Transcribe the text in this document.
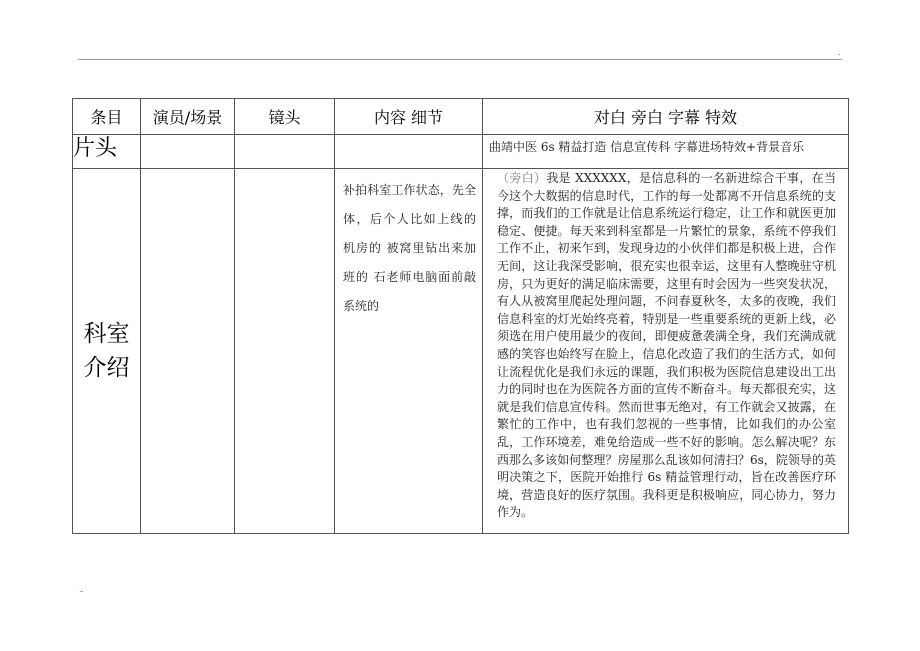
.
..
条目	演员/场景	镜头	内容 细节	对白 旁白 字幕 特效
片头				曲靖中医 6s 精益打造 信息宣传科 字幕进场特效+背景音乐
科室介绍			补拍科室工作状态，先全体，后个人比如上线的 机房的 被窝里钻出来加班的 石老师电脑面前敲系统的	（旁白）我是 XXXXXX，是信息科的一名新进综合干事，在当今这个大数据的信息时代，工作的每一处都离不开信息系统的支撑，而我们的工作就是让信息系统运行稳定，让工作和就医更加稳定、便捷。每天来到科室都是一片繁忙的景象，系统不停我们工作不止，初来乍到，发现身边的小伙伴们都是积极上进，合作无间，这让我深受影响，很充实也很幸运，这里有人整晚驻守机房，只为更好的满足临床需要，这里有时会因为一些突发状况，有人从被窝里爬起处理问题，不问春夏秋冬，太多的夜晚，我们信息科室的灯光始终亮着，特别是一些重要系统的更新上线，必须选在用户使用最少的夜间，即便疲惫袭满全身，我们充满成就感的笑容也始终写在脸上，信息化改造了我们的生活方式，如何让流程优化是我们永远的课题，我们积极为医院信息建设出工出力的同时也在为医院各方面的宣传不断奋斗。每天都很充实，这就是我们信息宣传科。然而世事无绝对，有工作就会又披露，在繁忙的工作中，也有我们忽视的一些事情，比如我们的办公室乱，工作环境差，难免给造成一些不好的影响。怎么解决呢？东西那么多该如何整理？房屋那么乱该如何清扫？6s，院领导的英明决策之下，医院开始推行 6s 精益管理行动，旨在改善医疗环境，营造良好的医疗氛围。我科更是积极响应，同心协力，努力作为。
